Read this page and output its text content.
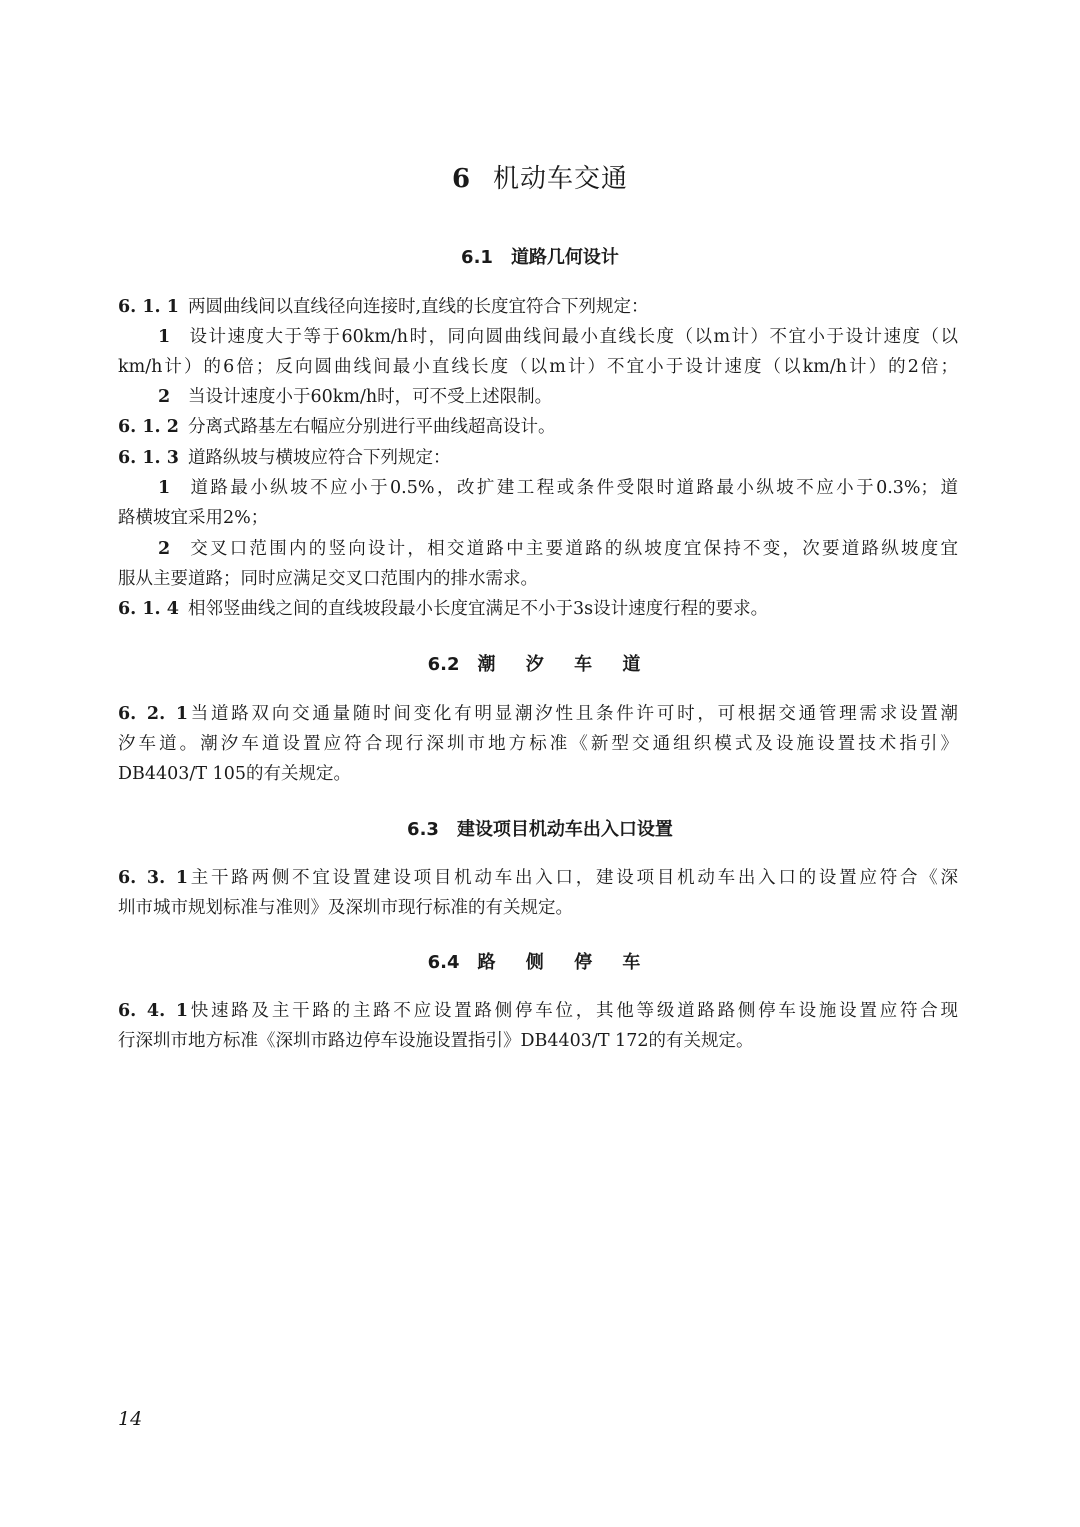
6 机动车交通
6.1 道路几何设计
6. 1. 1 两圆曲线间以直线径向连接时,直线的长度宜符合下列规定：
1 设计速度大于等于60km/h时，同向圆曲线间最小直线长度（以m计）不宜小于设计速度（以
km/h计）的6倍；反向圆曲线间最小直线长度（以m计）不宜小于设计速度（以km/h计）的2倍；
2 当设计速度小于60km/h时，可不受上述限制。
6. 1. 2 分离式路基左右幅应分别进行平曲线超高设计。
6. 1. 3 道路纵坡与横坡应符合下列规定：
1 道路最小纵坡不应小于0.5%，改扩建工程或条件受限时道路最小纵坡不应小于0.3%；道
路横坡宜采用2%；
2 交叉口范围内的竖向设计，相交道路中主要道路的纵坡度宜保持不变，次要道路纵坡度宜
服从主要道路；同时应满足交叉口范围内的排水需求。
6. 1. 4 相邻竖曲线之间的直线坡段最小长度宜满足不小于3s设计速度行程的要求。
6.2 潮 汐 车 道
6. 2. 1当道路双向交通量随时间变化有明显潮汐性且条件许可时，可根据交通管理需求设置潮
汐车道。潮汐车道设置应符合现行深圳市地方标准《新型交通组织模式及设施设置技术指引》
DB4403/T 105的有关规定。
6.3 建设项目机动车出入口设置
6. 3. 1主干路两侧不宜设置建设项目机动车出入口，建设项目机动车出入口的设置应符合《深
圳市城市规划标准与准则》及深圳市现行标准的有关规定。
6.4 路 侧 停 车
6. 4. 1快速路及主干路的主路不应设置路侧停车位，其他等级道路路侧停车设施设置应符合现
行深圳市地方标准《深圳市路边停车设施设置指引》DB4403/T 172的有关规定。
14
